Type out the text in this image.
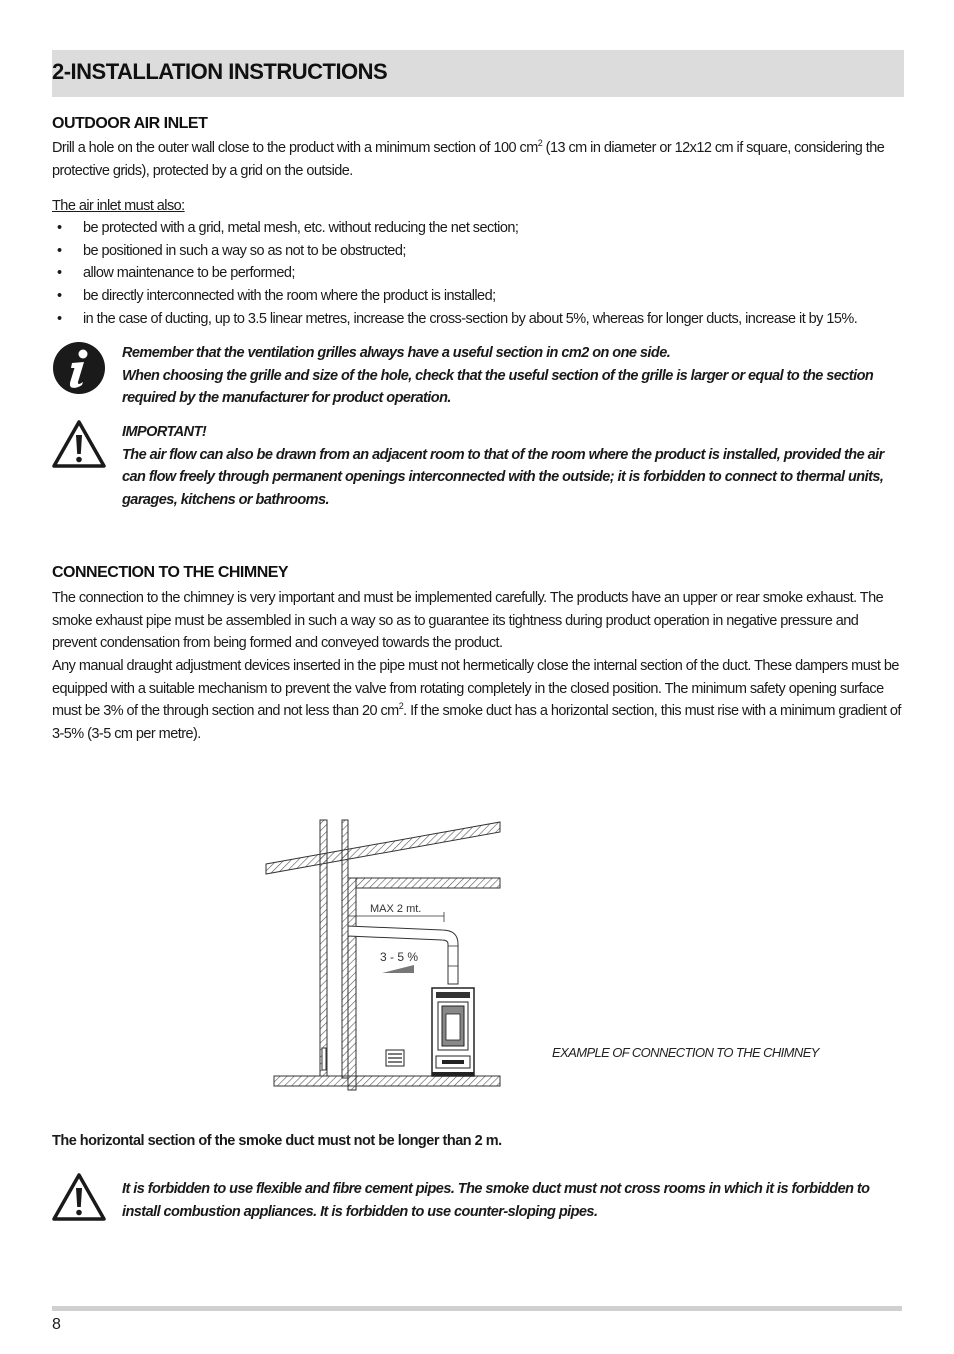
2-INSTALLATION INSTRUCTIONS
OUTDOOR AIR INLET

Drill a hole on the outer wall close to the product with a minimum section of 100 $cm^2$ (13 cm in diameter or 12x12 cm if square, considering the protective grids), protected by a grid on the outside.

The air inlet must also:

• be protected with a grid, metal mesh, etc. without reducing the net section;
• be positioned in such a way so as not to be obstructed;
• allow maintenance to be performed;
• be directly interconnected with the room where the product is installed;
• in the case of ducting, up to 3.5 linear metres, increase the cross-section by about 5%, whereas for longer ducts, increase it by 15%.

Remember that the ventilation grilles always have a useful section in cm2 on one side.

When choosing the grille and size of the hole, check that the useful section of the grille is larger or equal to the section required by the manufacturer for product operation.

IMPORTANT!

The air flow can also be drawn from an adjacent room to that of the room where the product is installed, provided the air can flow freely through permanent openings interconnected with the outside; it is forbidden to connect to thermal units, garages, kitchens or bathrooms.

CONNECTION TO THE CHIMNEY

The connection to the chimney is very important and must be implemented carefully. The products have an upper or rear smoke exhaust. The smoke exhaust pipe must be assembled in such a way so as to guarantee its tightness during product operation in negative pressure and prevent condensation from being formed and conveyed towards the product.

Any manual draught adjustment devices inserted in the pipe must not hermetically close the internal section of the duct. These dampers must be equipped with a suitable mechanism to prevent the valve from rotating completely in the closed position. The minimum safety opening surface must be 3% of the through section and not less than 20 $cm^2$. If the smoke duct has a horizontal section, this must rise with a minimum gradient of 3-5% (3-5 cm per metre).

MAX 2 mt.
3 - 5 %
EXAMPLE OF CONNECTION TO THE CHIMNEY

The horizontal section of the smoke duct must not be longer than 2 m.

It is forbidden to use flexible and fibre cement pipes. The smoke duct must not cross rooms in which it is forbidden to install combustion appliances. It is forbidden to use counter-sloping pipes.

8
